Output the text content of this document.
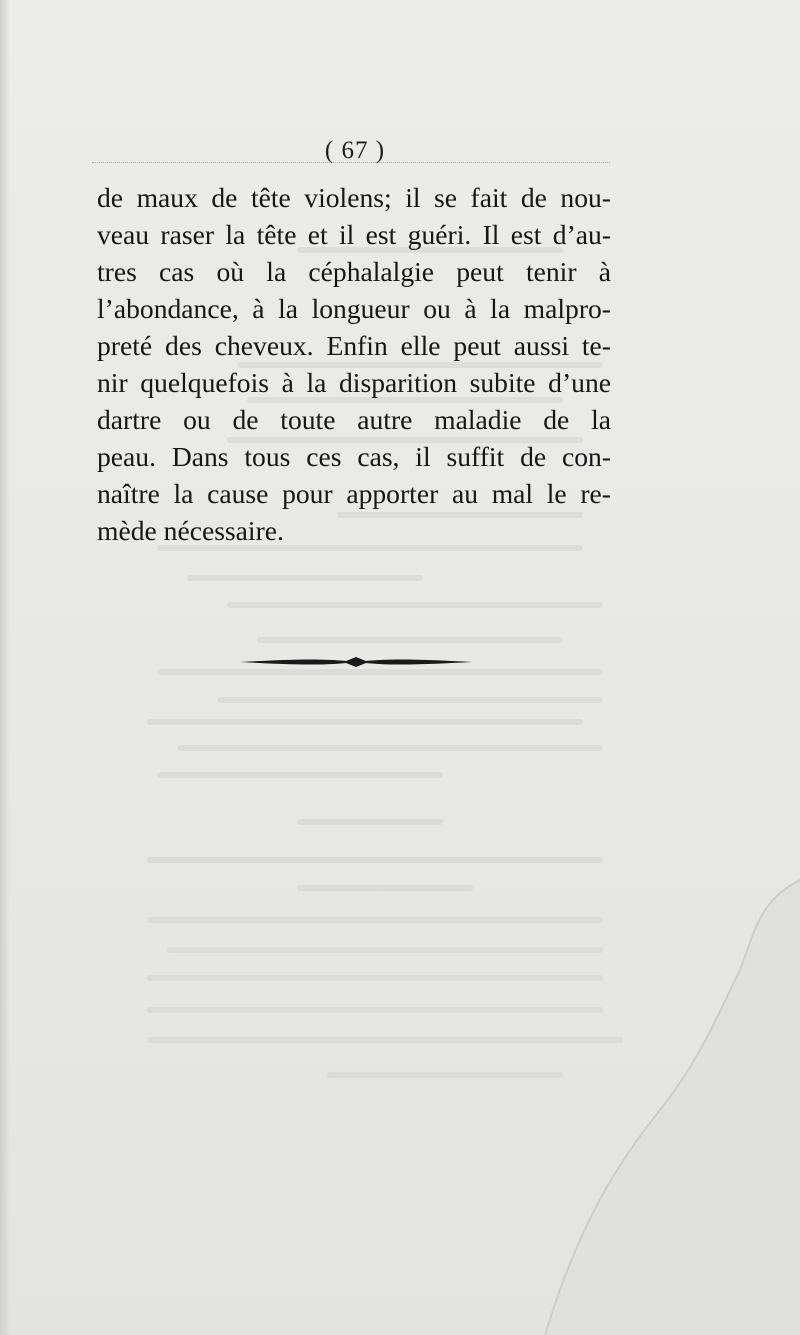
( 67 )
de maux de tête violens; il se fait de nou-
veau raser la tête et il est guéri. Il est d’au-
tres cas où la céphalalgie peut tenir à
l’abondance, à la longueur ou à la malpro-
preté des cheveux. Enfin elle peut aussi te-
nir quelquefois à la disparition subite d’une
dartre ou de toute autre maladie de la
peau. Dans tous ces cas, il suffit de con-
naître la cause pour apporter au mal le re-
mède nécessaire.
